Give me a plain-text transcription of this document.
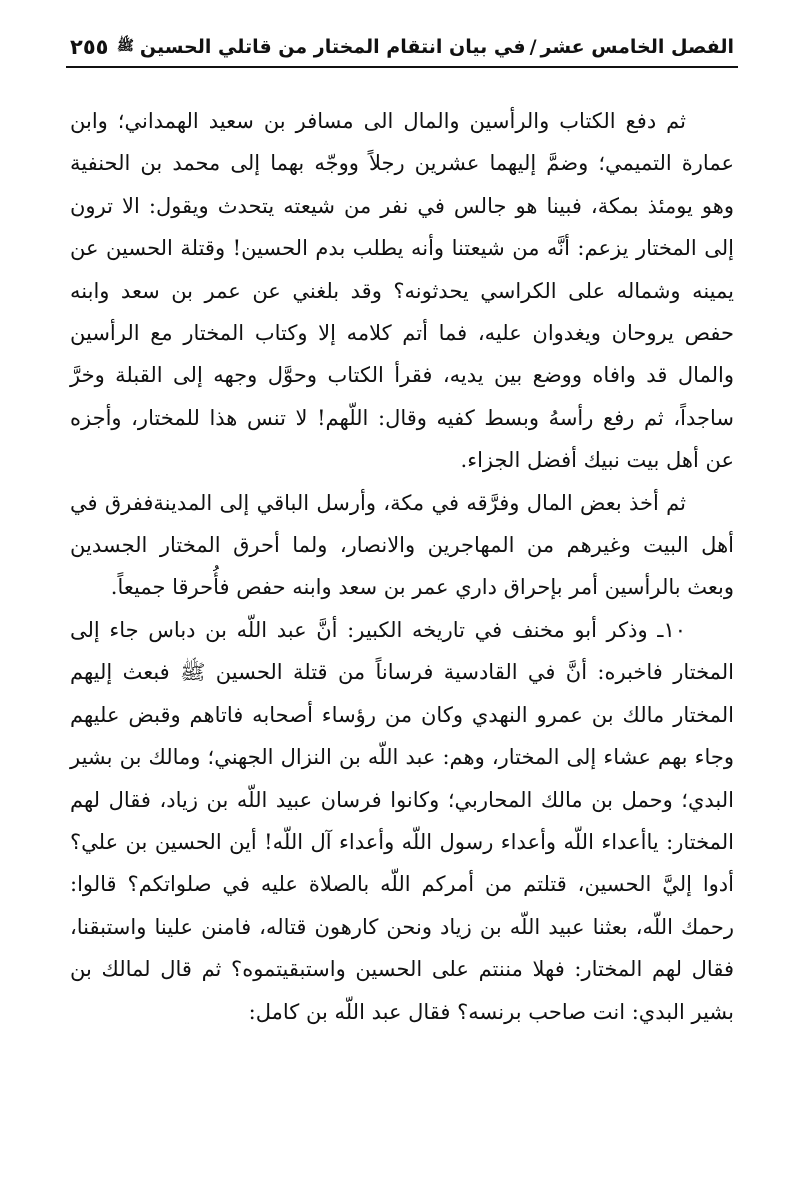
الفصل الخامس عشر
/
في بيان انتقام المختار من قاتلي الحسين
ﷺ
٢٥٥

ثم دفع الكتاب والرأسين والمال الى مسافر بن سعيد الهمداني؛ وابن عمارة التميمي؛ وضمَّ إليهما عشرين رجلاً ووجّه بهما إلى محمد بن الحنفية وهو يومئذ بمكة، فبينا هو جالس في نفر من شيعته يتحدث ويقول: الا ترون إلى المختار يزعم: أنَّه من شيعتنا وأنه يطلب بدم الحسين! وقتلة الحسين عن يمينه وشماله على الكراسي يحدثونه؟ وقد بلغني عن عمر بن سعد وابنه حفص يروحان ويغدوان عليه، فما أتم كلامه إلا وكتاب المختار مع الرأسين والمال قد وافاه ووضع بين يديه، فقرأ الكتاب وحوَّل وجهه إلى القبلة وخرَّ ساجداً، ثم رفع رأسهُ وبسط كفيه وقال: اللّهم! لا تنس هذا للمختار، وأجزه عن أهل بيت نبيك أفضل الجزاء.

ثم أخذ بعض المال وفرَّقه في مكة، وأرسل الباقي إلى المدينةففرق في أهل البيت وغيرهم من المهاجرين والانصار، ولما أحرق المختار الجسدين وبعث بالرأسين أمر بإحراق داري عمر بن سعد وابنه حفص فأُحرقا جميعاً.

١٠ـ وذكر أبو مخنف في تاريخه الكبير: أنَّ عبد اللّه بن دباس جاء إلى المختار فاخبره: أنَّ في القادسية فرساناً من قتلة الحسين ﷺ فبعث إليهم المختار مالك بن عمرو النهدي وكان من رؤساء أصحابه فاتاهم وقبض عليهم وجاء بهم عشاء إلى المختار، وهم: عبد اللّه بن النزال الجهني؛ ومالك بن بشير البدي؛ وحمل بن مالك المحاربي؛ وكانوا فرسان عبيد اللّه بن زياد، فقال لهم المختار: ياأعداء اللّه وأعداء رسول اللّه وأعداء آل اللّه! أين الحسين بن علي؟ أدوا إليَّ الحسين، قتلتم من أمركم اللّه بالصلاة عليه في صلواتكم؟ قالوا: رحمك اللّه، بعثنا عبيد اللّه بن زياد ونحن كارهون قتاله، فامنن علينا واستبقنا، فقال لهم المختار: فهلا مننتم على الحسين واستبقيتموه؟ ثم قال لمالك بن بشير البدي: انت صاحب برنسه؟ فقال عبد اللّه بن كامل:
